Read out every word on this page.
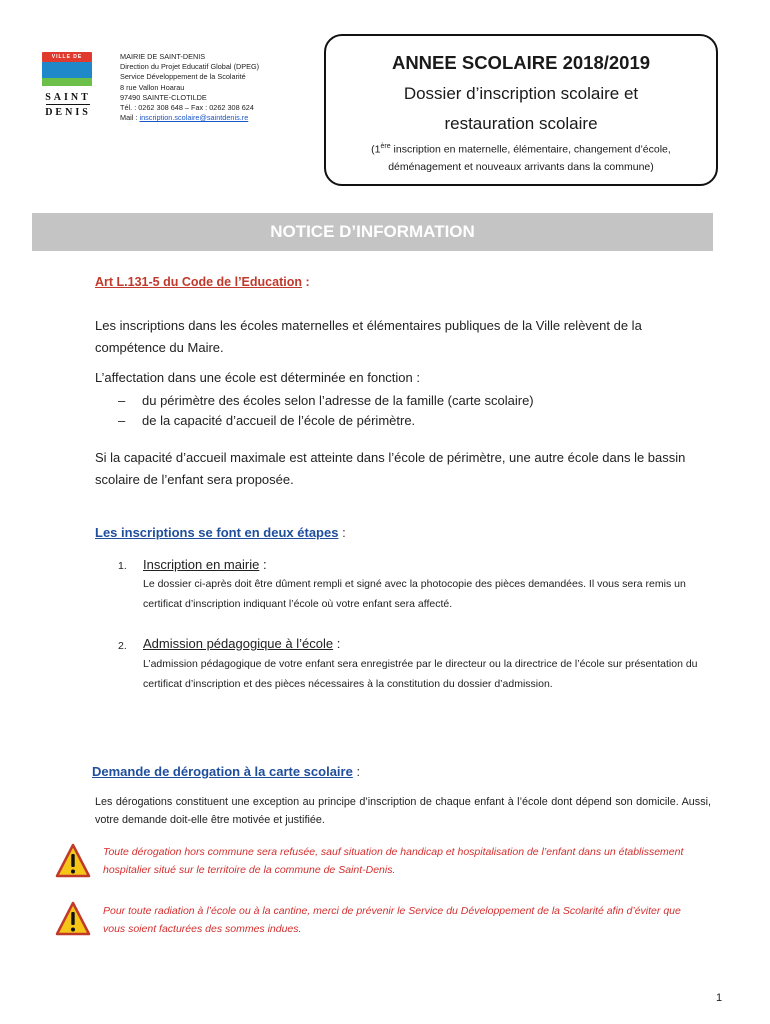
VILLE DE
SAINT
DENIS
MAIRIE DE SAINT-DENIS
Direction du Projet Educatif Global (DPEG)
Service Développement de la Scolarité
8 rue Vallon Hoarau
97490 SAINTE-CLOTILDE
Tél. : 0262 308 648 – Fax : 0262 308 624
Mail : inscription.scolaire@saintdenis.re
ANNEE SCOLAIRE 2018/2019
Dossier d’inscription scolaire et
restauration scolaire
(1ère inscription en maternelle, élémentaire, changement d’école,
déménagement et nouveaux arrivants dans la commune)
NOTICE D’INFORMATION
Art L.131-5 du Code de l’Education :
Les inscriptions dans les écoles maternelles et élémentaires publiques de la Ville relèvent de la compétence du Maire.
L’affectation dans une école est déterminée en fonction :
– du périmètre des écoles selon l’adresse de la famille (carte scolaire)
– de la capacité d’accueil de l’école de périmètre.
Si la capacité d’accueil maximale est atteinte dans l’école de périmètre, une autre école dans le bassin scolaire de l’enfant sera proposée.
Les inscriptions se font en deux étapes :
1. Inscription en mairie :
Le dossier ci-après doit être dûment rempli et signé avec la photocopie des pièces demandées. Il vous sera remis un certificat d’inscription indiquant l’école où votre enfant sera affecté.
2. Admission pédagogique à l’école :
L’admission pédagogique de votre enfant sera enregistrée par le directeur ou la directrice de l’école sur présentation du certificat d’inscription et des pièces nécessaires à la constitution du dossier d’admission.
Demande de dérogation à la carte scolaire :
Les dérogations constituent une exception au principe d’inscription de chaque enfant à l’école dont dépend son domicile. Aussi, votre demande doit-elle être motivée et justifiée.
Toute dérogation hors commune sera refusée, sauf situation de handicap et hospitalisation de l’enfant dans un établissement hospitalier situé sur le territoire de la commune de Saint-Denis.
Pour toute radiation à l’école ou à la cantine, merci de prévenir le Service du Développement de la Scolarité afin d’éviter que vous soient facturées des sommes indues.
1
